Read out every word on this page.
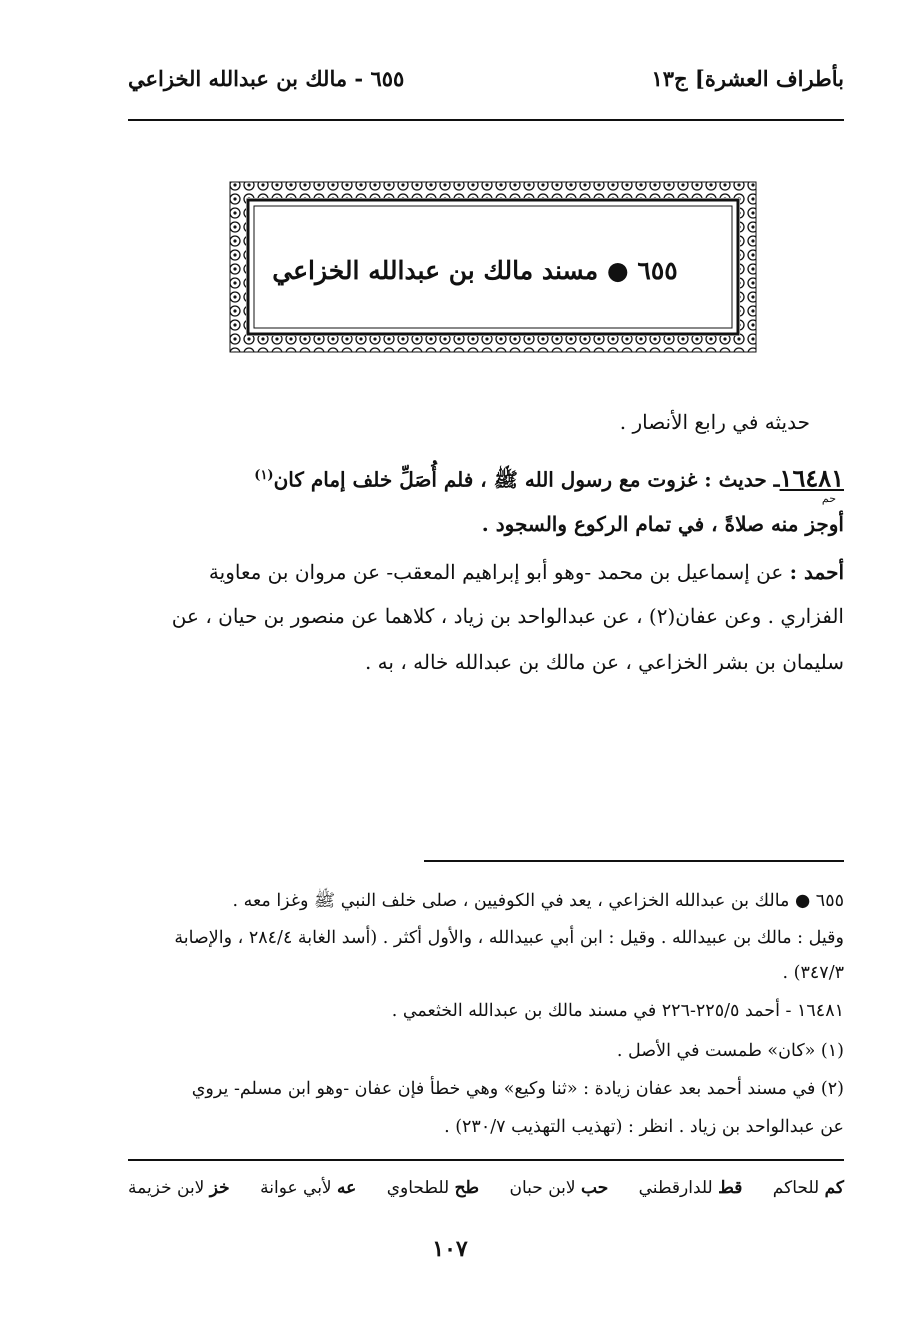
بأطراف العشرة] ج١٣
٦٥٥ - مالك بن عبدالله الخزاعي
٦٥٥ ● مسند مالك بن عبدالله الخزاعي
حديثه في رابع الأنصار .
١٦٤٨١ـ حديث : غزوت مع رسول الله ﷺ ، فلم أُصَلِّ خلف إمام كان$^{(١)}$
حم
أوجز منه صلاةً ، في تمام الركوع والسجود .
أحمد : عن إسماعيل بن محمد -وهو أبو إبراهيم المعقب- عن مروان بن معاوية
الفزاري . وعن عفان(٢) ، عن عبدالواحد بن زياد ، كلاهما عن منصور بن حيان ، عن
سليمان بن بشر الخزاعي ، عن مالك بن عبدالله خاله ، به .
٦٥٥ ● مالك بن عبدالله الخزاعي ، يعد في الكوفيين ، صلى خلف النبي ﷺ وغزا معه .
وقيل : مالك بن عبيدالله . وقيل : ابن أبي عبيدالله ، والأول أكثر . (أسد الغابة ٢٨٤/٤ ، والإصابة
٣٤٧/٣) .
١٦٤٨١ - أحمد ٢٢٥/٥-٢٢٦ في مسند مالك بن عبدالله الخثعمي .
(١) «كان» طمست في الأصل .
(٢) في مسند أحمد بعد عفان زيادة : «ثنا وكيع» وهي خطأ فإن عفان -وهو ابن مسلم- يروي
عن عبدالواحد بن زياد . انظر : (تهذيب التهذيب ٢٣٠/٧) .
خز لابن خزيمة	عه لأبي عوانة	طح للطحاوي	حب لابن حبان	قط للدارقطني	كم للحاكم
١٠٧
